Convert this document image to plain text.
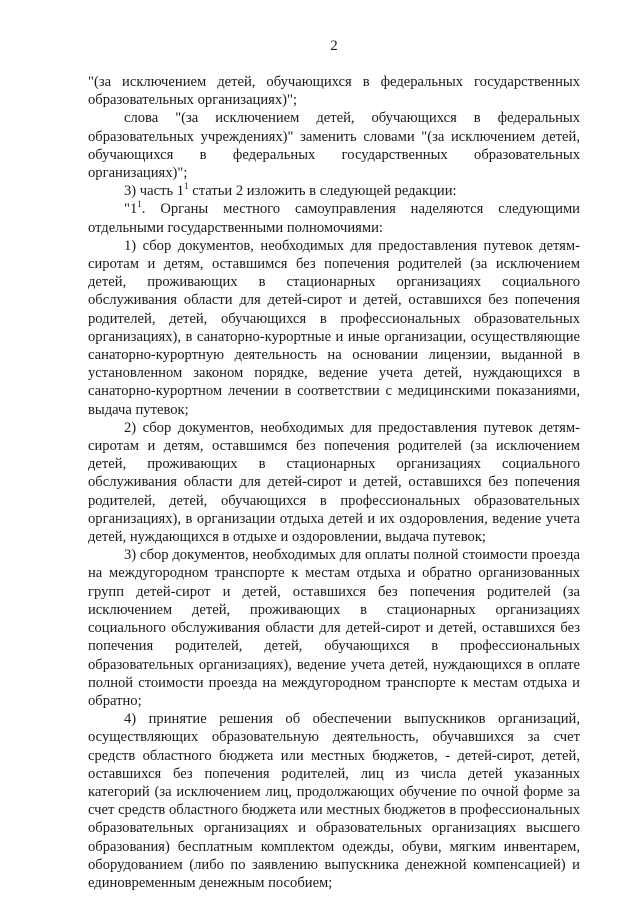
2

"(за исключением детей, обучающихся в федеральных государственных образовательных организациях)";

слова "(за исключением детей, обучающихся в федеральных образовательных учреждениях)" заменить словами "(за исключением детей, обучающихся в федеральных государственных образовательных организациях)";

3) часть $1^1$ статьи 2 изложить в следующей редакции:

"$1^1$. Органы местного самоуправления наделяются следующими отдельными государственными полномочиями:

1) сбор документов, необходимых для предоставления путевок детям-сиротам и детям, оставшимся без попечения родителей (за исключением детей, проживающих в стационарных организациях социального обслуживания области для детей-сирот и детей, оставшихся без попечения родителей, детей, обучающихся в профессиональных образовательных организациях), в санаторно-курортные и иные организации, осуществляющие санаторно-курортную деятельность на основании лицензии, выданной в установленном законом порядке, ведение учета детей, нуждающихся в санаторно-курортном лечении в соответствии с медицинскими показаниями, выдача путевок;

2) сбор документов, необходимых для предоставления путевок детям-сиротам и детям, оставшимся без попечения родителей (за исключением детей, проживающих в стационарных организациях социального обслуживания области для детей-сирот и детей, оставшихся без попечения родителей, детей, обучающихся в профессиональных образовательных организациях), в организации отдыха детей и их оздоровления, ведение учета детей, нуждающихся в отдыхе и оздоровлении, выдача путевок;

3) сбор документов, необходимых для оплаты полной стоимости проезда на междугородном транспорте к местам отдыха и обратно организованных групп детей-сирот и детей, оставшихся без попечения родителей (за исключением детей, проживающих в стационарных организациях социального обслуживания области для детей-сирот и детей, оставшихся без попечения родителей, детей, обучающихся в профессиональных образовательных организациях), ведение учета детей, нуждающихся в оплате полной стоимости проезда на междугородном транспорте к местам отдыха и обратно;

4) принятие решения об обеспечении выпускников организаций, осуществляющих образовательную деятельность, обучавшихся за счет средств областного бюджета или местных бюджетов, - детей-сирот, детей, оставшихся без попечения родителей, лиц из числа детей указанных категорий (за исключением лиц, продолжающих обучение по очной форме за счет средств областного бюджета или местных бюджетов в профессиональных образовательных организациях и образовательных организациях высшего образования) бесплатным комплектом одежды, обуви, мягким инвентарем, оборудованием (либо по заявлению выпускника денежной компенсацией) и единовременным денежным пособием;
